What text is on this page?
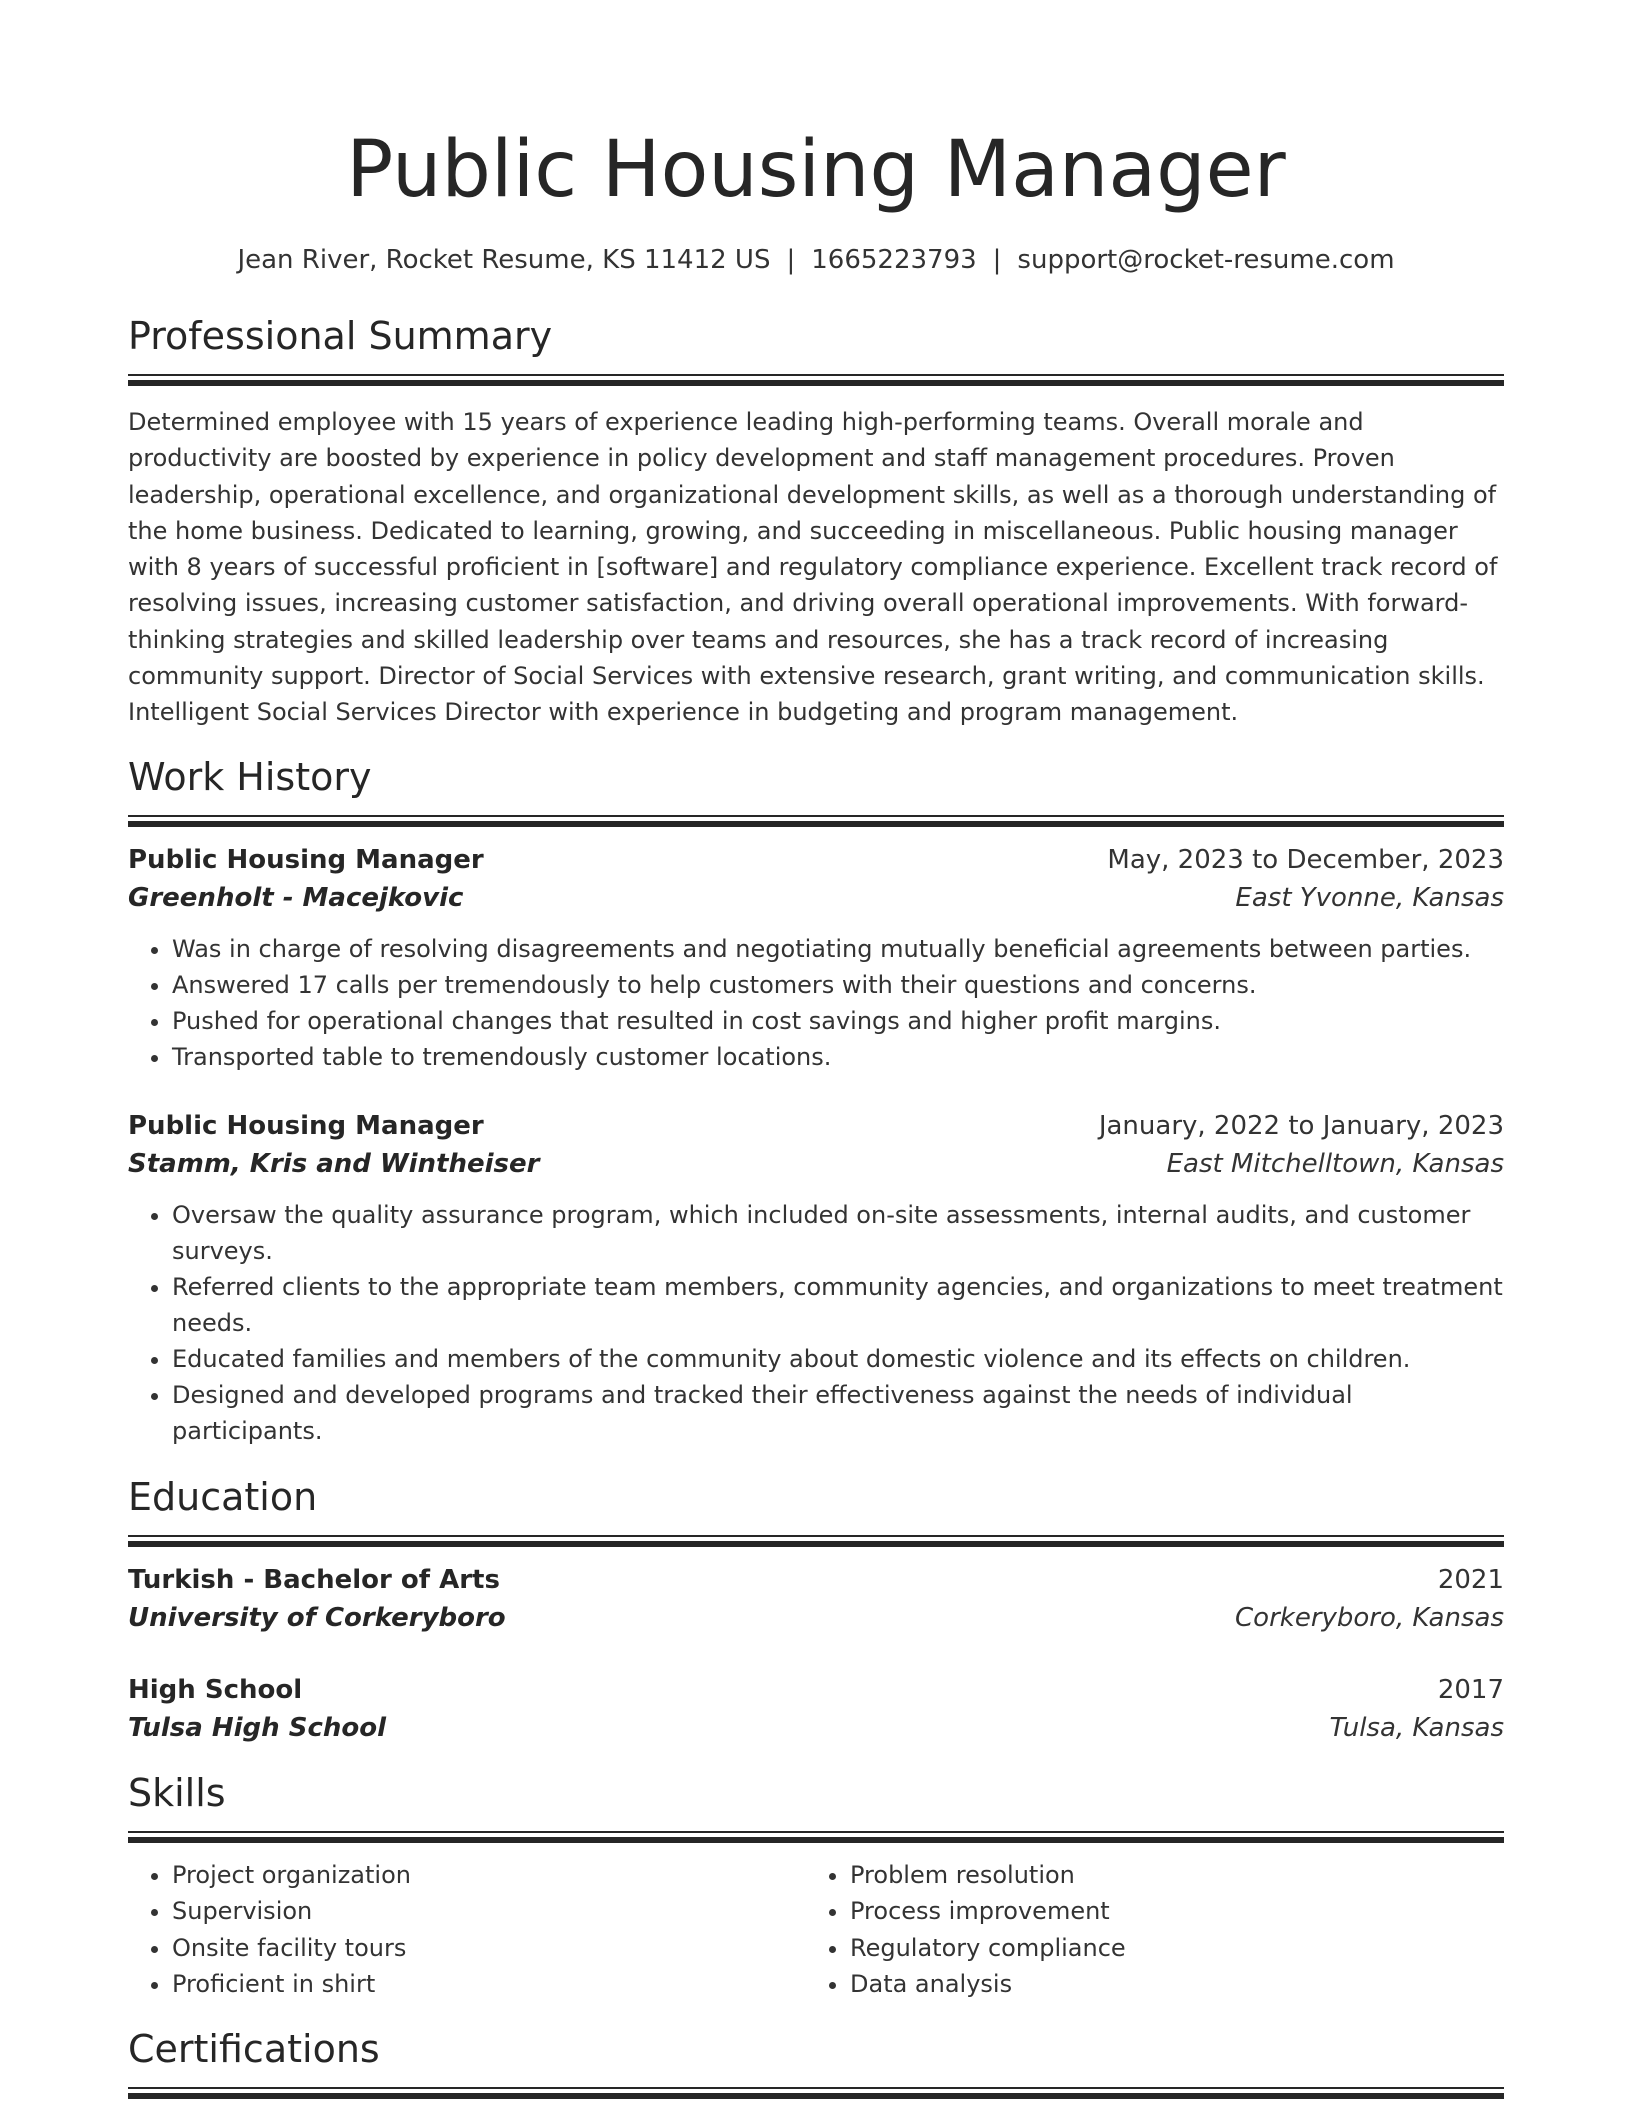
Public Housing Manager
Jean River, Rocket Resume, KS 11412 US | 1665223793 | support@rocket-resume.com
Professional Summary
Determined employee with 15 years of experience leading high-performing teams. Overall morale and productivity are boosted by experience in policy development and staff management procedures. Proven leadership, operational excellence, and organizational development skills, as well as a thorough understanding of the home business. Dedicated to learning, growing, and succeeding in miscellaneous. Public housing manager with 8 years of successful proficient in [software] and regulatory compliance experience. Excellent track record of resolving issues, increasing customer satisfaction, and driving overall operational improvements. With forward-thinking strategies and skilled leadership over teams and resources, she has a track record of increasing community support. Director of Social Services with extensive research, grant writing, and communication skills. Intelligent Social Services Director with experience in budgeting and program management.
Work History
Public Housing Manager	May, 2023 to December, 2023
Greenholt - Macejkovic	East Yvonne, Kansas
• Was in charge of resolving disagreements and negotiating mutually beneficial agreements between parties.
• Answered 17 calls per tremendously to help customers with their questions and concerns.
• Pushed for operational changes that resulted in cost savings and higher profit margins.
• Transported table to tremendously customer locations.
Public Housing Manager	January, 2022 to January, 2023
Stamm, Kris and Wintheiser	East Mitchelltown, Kansas
• Oversaw the quality assurance program, which included on-site assessments, internal audits, and customer surveys.
• Referred clients to the appropriate team members, community agencies, and organizations to meet treatment needs.
• Educated families and members of the community about domestic violence and its effects on children.
• Designed and developed programs and tracked their effectiveness against the needs of individual participants.
Education
Turkish - Bachelor of Arts	2021
University of Corkeryboro	Corkeryboro, Kansas
High School	2017
Tulsa High School	Tulsa, Kansas
Skills
• Project organization
• Supervision
• Onsite facility tours
• Proficient in shirt
• Problem resolution
• Process improvement
• Regulatory compliance
• Data analysis
Certifications
